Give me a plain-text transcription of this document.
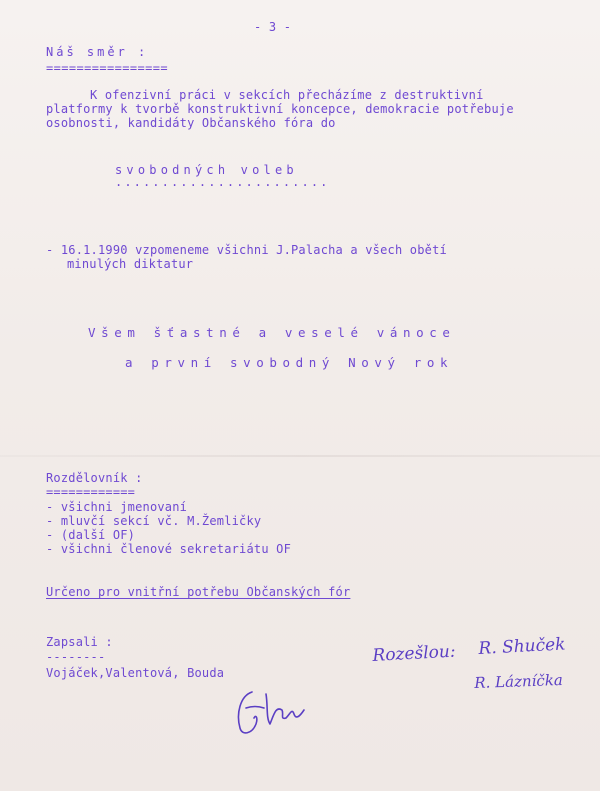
- 3 -

Náš směr :

================

K ofenzivní práci v sekcích přecházíme z destruktivní

platformy k tvorbě konstruktivní koncepce, demokracie potřebuje

osobnosti, kandidáty Občanského fóra do

svobodných voleb

.......................

- 16.1.1990 vzpomeneme všichni J.Palacha a všech obětí

minulých diktatur

Všem šťastné a veselé vánoce

a první svobodný Nový rok

Rozdělovník :

============

- všichni jmenovaní

- mluvčí sekcí vč. M.Žemličky

- (další OF)

- všichni členové sekretariátu OF

Určeno pro vnitřní potřebu Občanských fór

Zapsali :

--------

Vojáček,Valentová, Bouda

Rozešlou: R. Shuček

R. Lázníčka
